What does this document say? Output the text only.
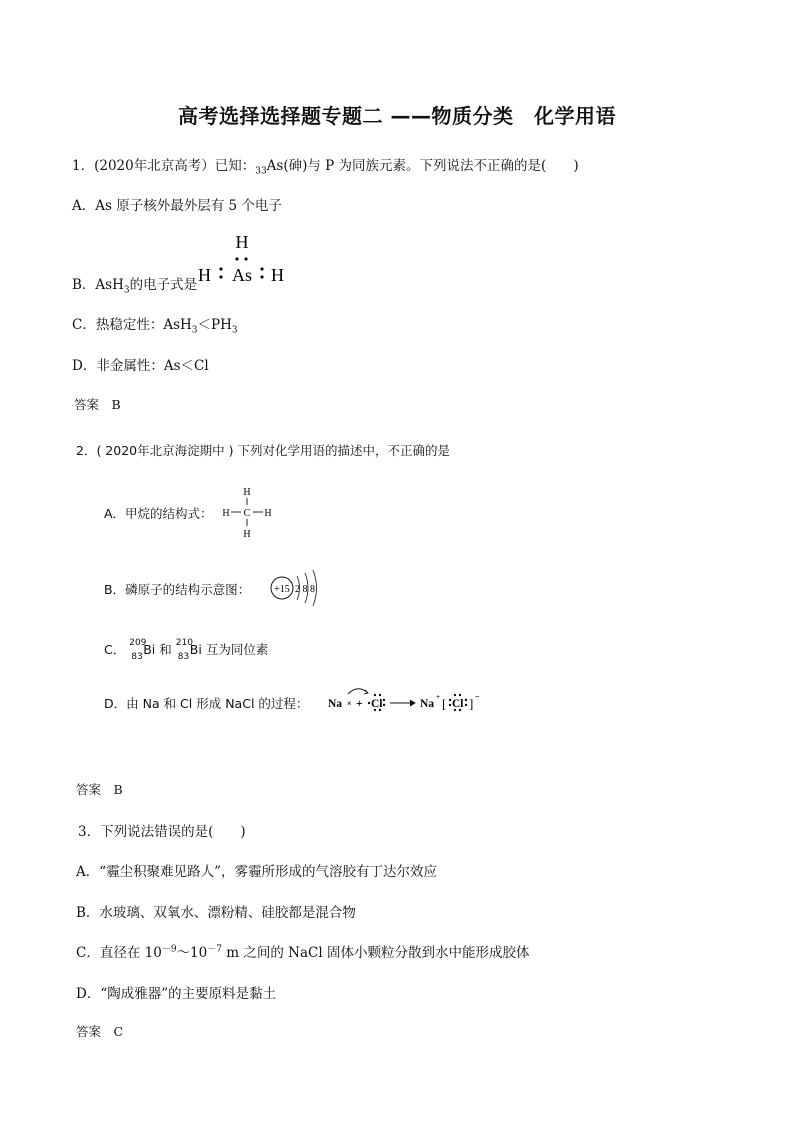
高考选择选择题专题二 ——物质分类　化学用语
1．(2020年北京高考）已知：$_{33}$As(砷)与 P 为同族元素。下列说法不正确的是(　　)
A．As 原子核外最外层有 5 个电子
B．AsH$_3$的电子式是
H
H As H
C．热稳定性：$AsH_3<PH_3$
D．非金属性：As＜Cl
答案　B
2．( 2020年北京海淀期中 ) 下列对化学用语的描述中，不正确的是
A．甲烷的结构式：
H
H C H
H
B．磷原子的结构示意图： +15 2 8 8
C． 209
83 Bi 和 210
83 Bi 互为同位素
D．由 Na 和 Cl 形成 NaCl 的过程： Na × + Cl	Na
+ [ Cl ] −
答案　B
3．下列说法错误的是(　　)
A．“霾尘积聚难见路人”，雾霾所形成的气溶胶有丁达尔效应
B．水玻璃、双氧水、漂粉精、硅胶都是混合物
C．直径在 $10^{-9}\sim 10^{-7}$ m 之间的 NaCl 固体小颗粒分散到水中能形成胶体
D．“陶成雅器”的主要原料是黏土
答案　C
